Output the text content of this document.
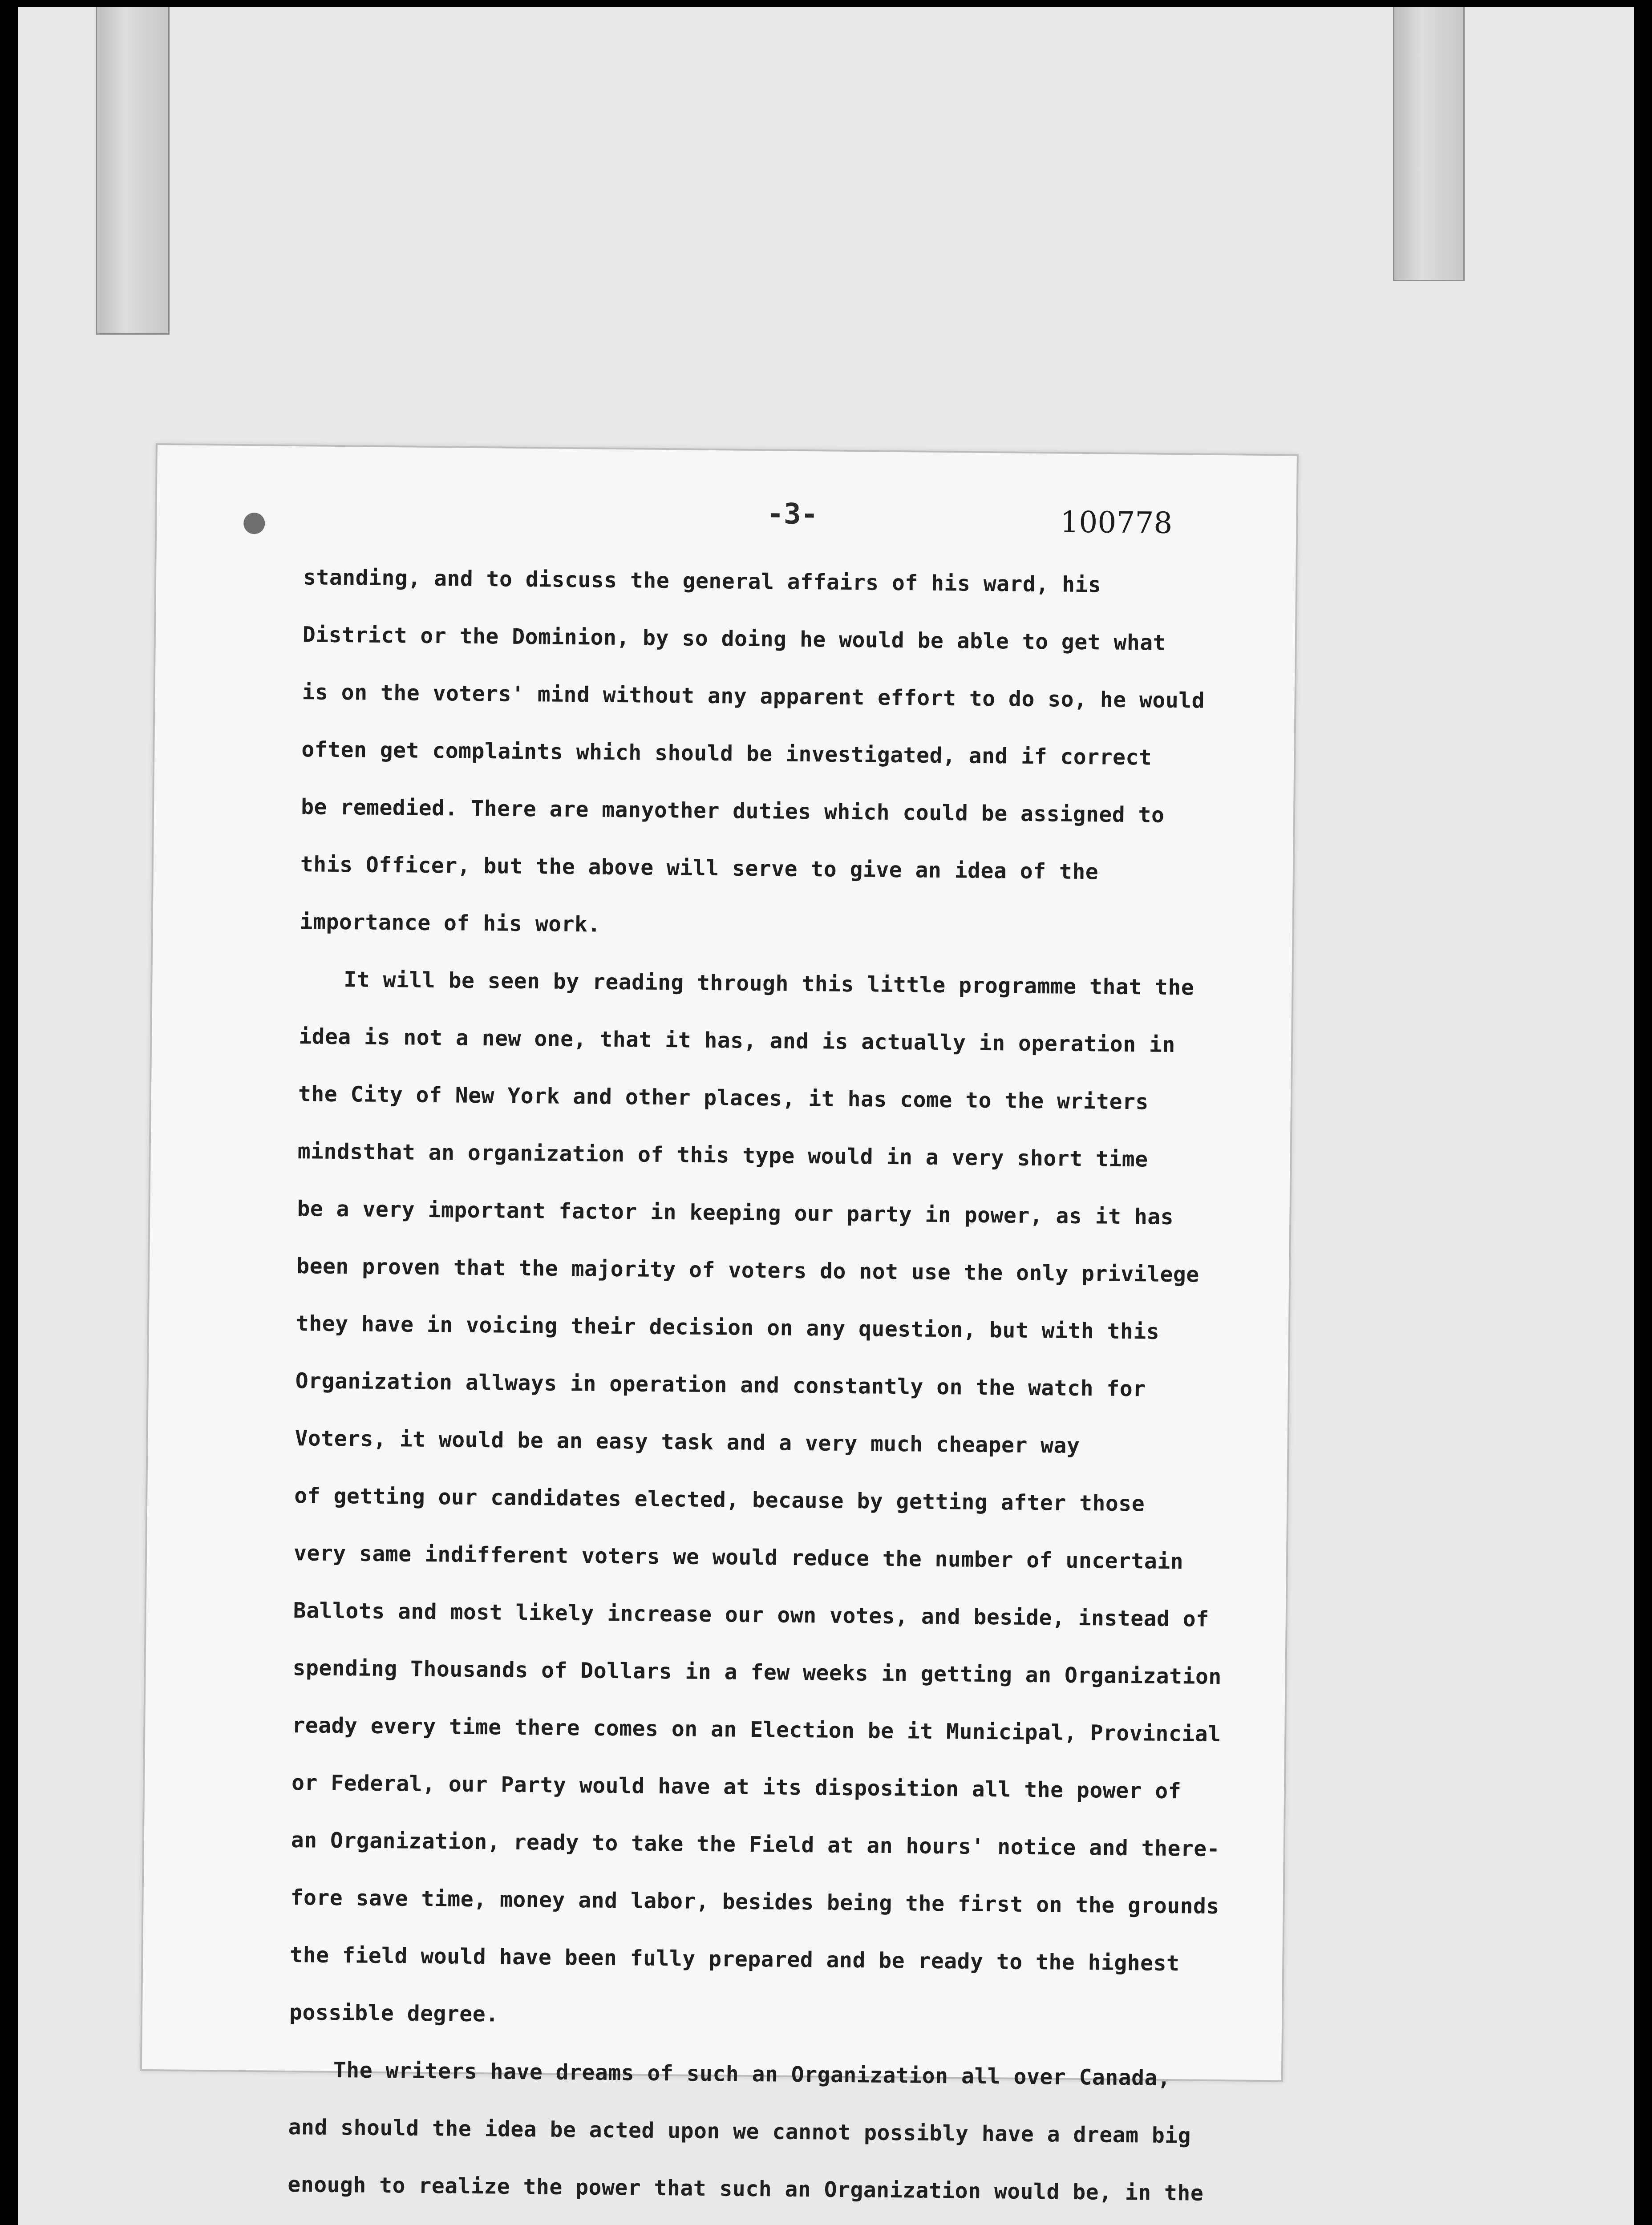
-3-	100778
standing, and to discuss the general affairs of his ward, his
District or the Dominion, by so doing he would be able to get what
is on the voters' mind without any apparent effort to do so, he would
often get complaints which should be investigated, and if correct
be remedied. There are manyother duties which could be assigned to
this Officer, but the above will serve to give an idea of the
importance of his work.
It will be seen by reading through this little programme that the
idea is not a new one, that it has, and is actually in operation in
the City of New York and other places, it has come to the writers
mindsthat an organization of this type would in a very short time
be a very important factor in keeping our party in power, as it has
been proven that the majority of voters do not use the only privilege
they have in voicing their decision on any question, but with this
Organization allways in operation and constantly on the watch for
Voters, it would be an easy task and a very much cheaper way
of getting our candidates elected, because by getting after those
very same indifferent voters we would reduce the number of uncertain
Ballots and most likely increase our own votes, and beside, instead of
spending Thousands of Dollars in a few weeks in getting an Organization
ready every time there comes on an Election be it Municipal, Provincial
or Federal, our Party would have at its disposition all the power of
an Organization, ready to take the Field at an hours' notice and there-
fore save time, money and labor, besides being the first on the grounds
the field would have been fully prepared and be ready to the highest
possible degree.
The writers have dreams of such an Organization all over Canada,
and should the idea be acted upon we cannot possibly have a dream big
enough to realize the power that such an Organization would be, in the
